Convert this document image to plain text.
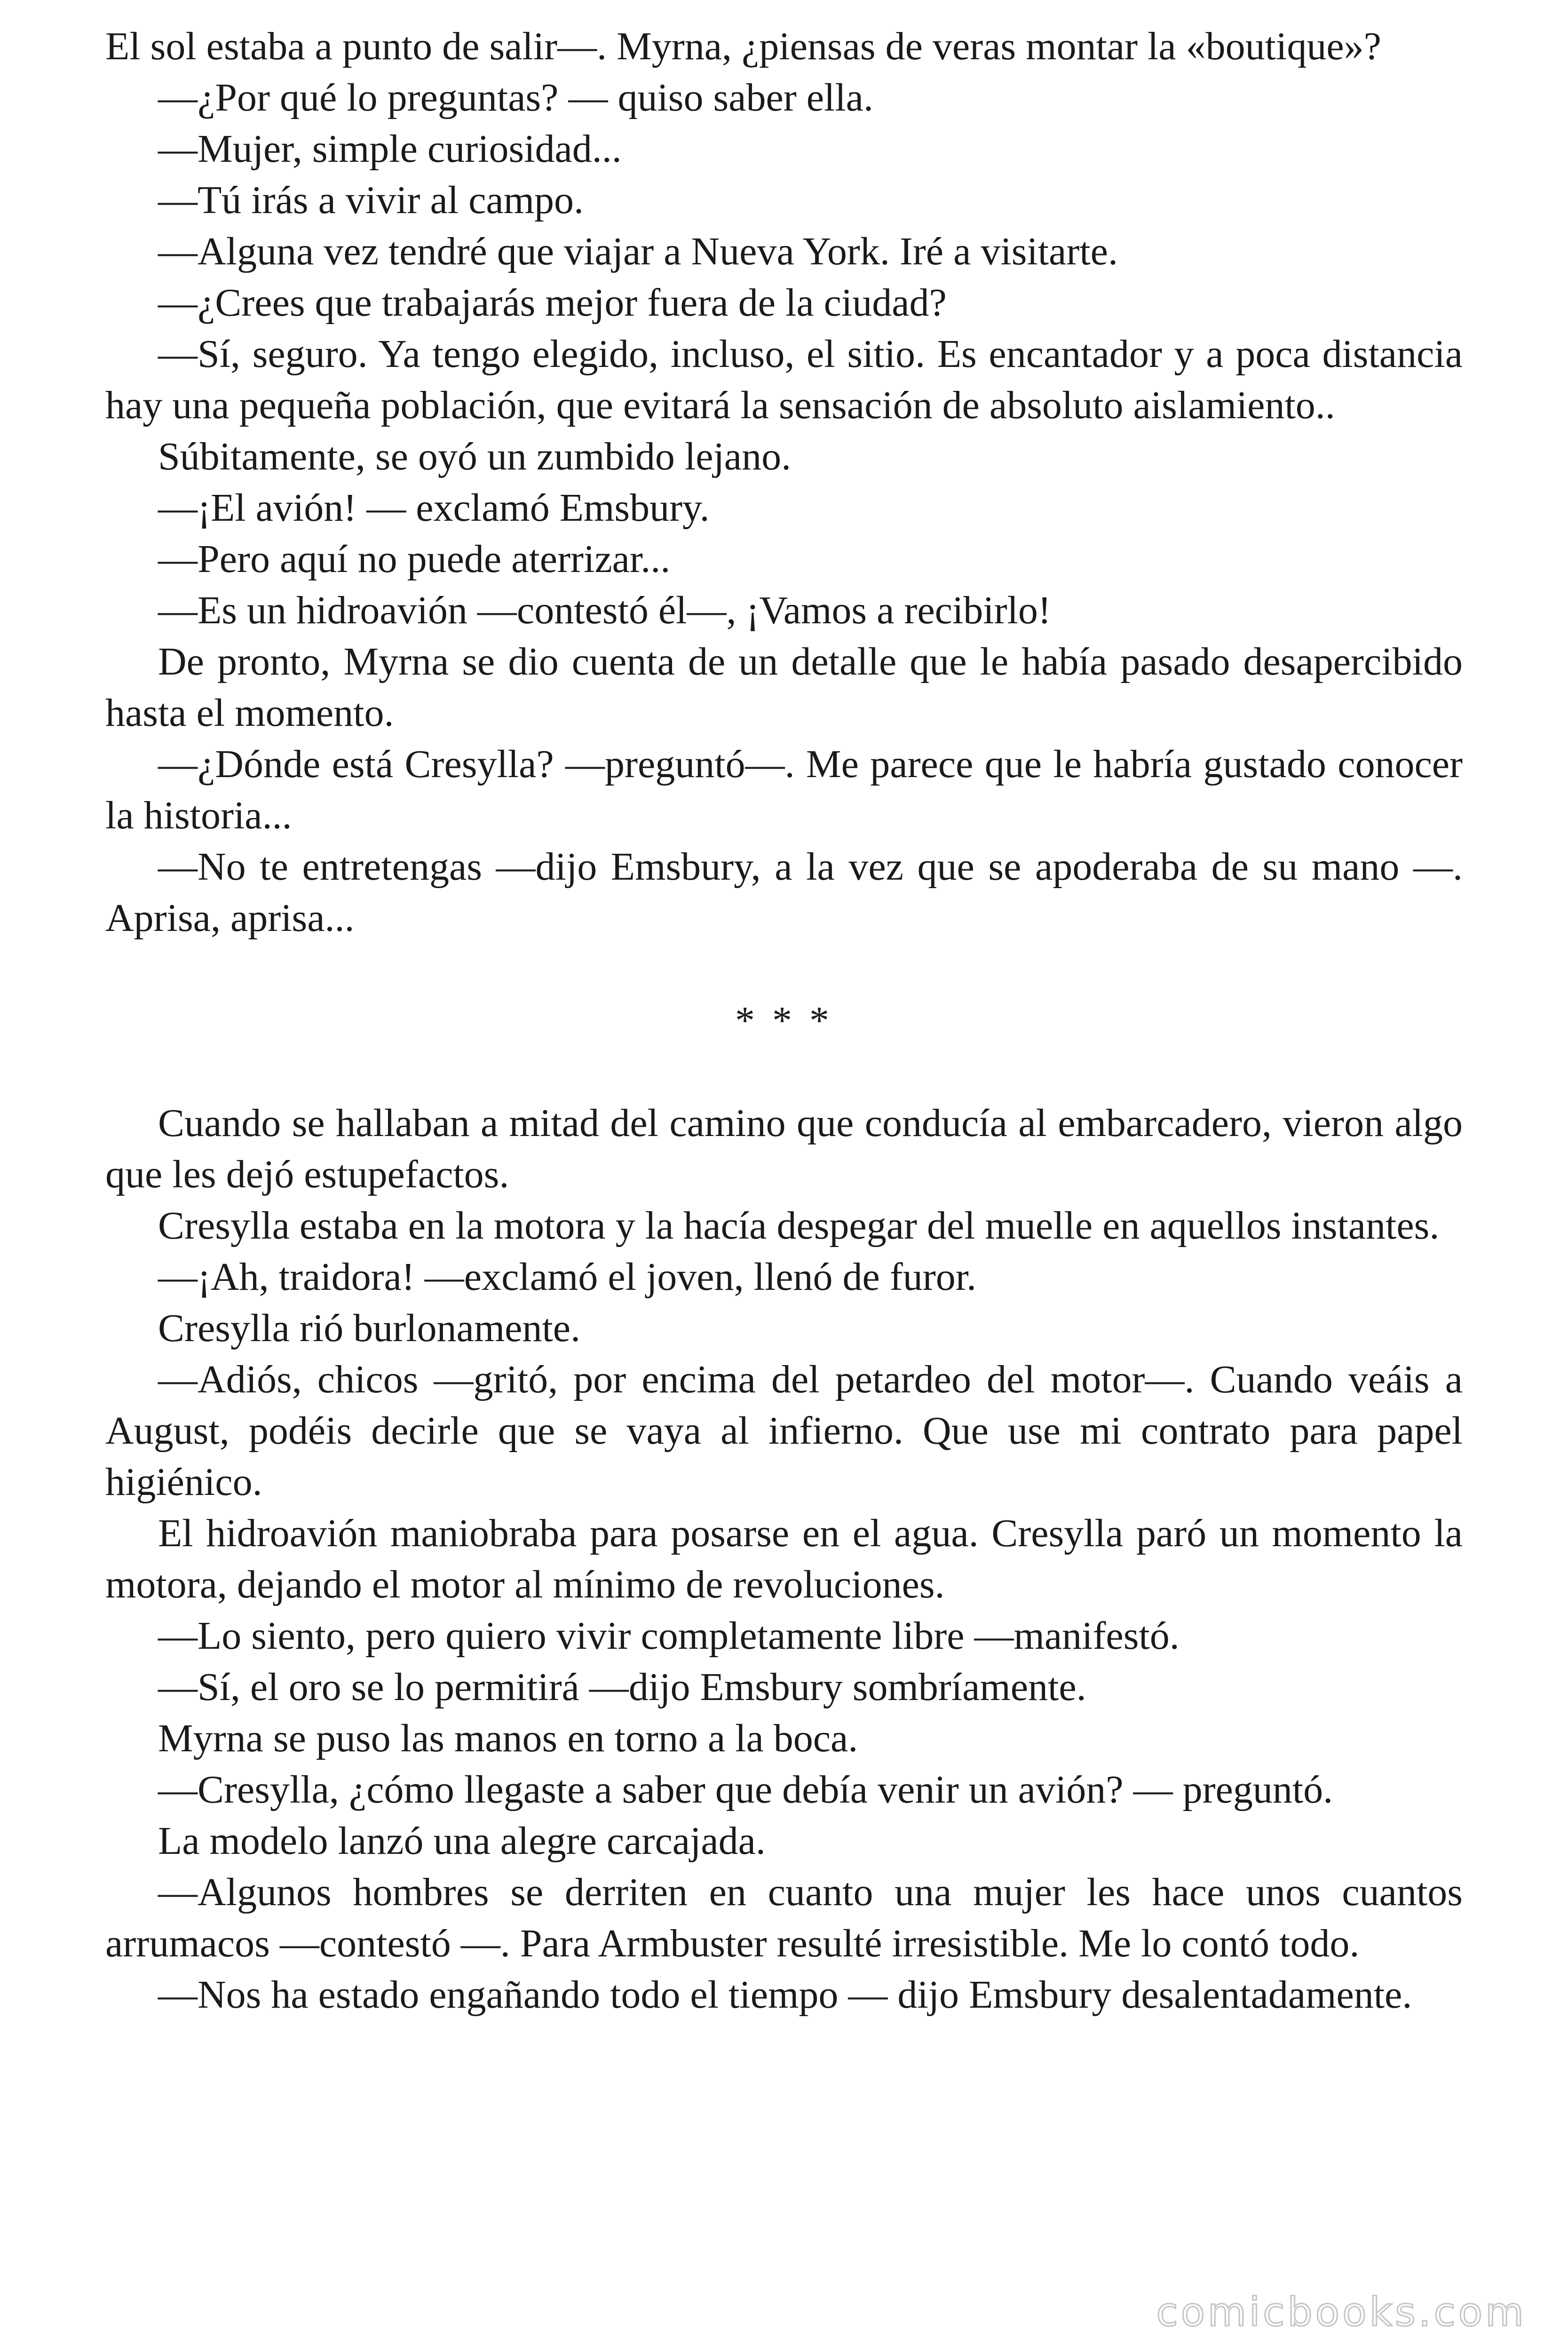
El sol estaba a punto de salir—. Myrna, ¿piensas de veras montar la «boutique»?

—¿Por qué lo preguntas? — quiso saber ella.

—Mujer, simple curiosidad...

—Tú irás a vivir al campo.

—Alguna vez tendré que viajar a Nueva York. Iré a visitarte.

—¿Crees que trabajarás mejor fuera de la ciudad?

—Sí, seguro. Ya tengo elegido, incluso, el sitio. Es encantador y a poca distancia hay una pequeña población, que evitará la sensación de absoluto aislamiento..

Súbitamente, se oyó un zumbido lejano.

—¡El avión! — exclamó Emsbury.

—Pero aquí no puede aterrizar...

—Es un hidroavión —contestó él—, ¡Vamos a recibirlo!

De pronto, Myrna se dio cuenta de un detalle que le había pasado desapercibido hasta el momento.

—¿Dónde está Cresylla? —preguntó—. Me parece que le habría gustado conocer la historia...

—No te entretengas —dijo Emsbury, a la vez que se apoderaba de su mano —. Aprisa, aprisa...

* * *

Cuando se hallaban a mitad del camino que conducía al embarcadero, vieron algo que les dejó estupefactos.

Cresylla estaba en la motora y la hacía despegar del muelle en aquellos instantes.

—¡Ah, traidora! —exclamó el joven, llenó de furor.

Cresylla rió burlonamente.

—Adiós, chicos —gritó, por encima del petardeo del motor—. Cuando veáis a August, podéis decirle que se vaya al infierno. Que use mi contrato para papel higiénico.

El hidroavión maniobraba para posarse en el agua. Cresylla paró un momento la motora, dejando el motor al mínimo de revoluciones.

—Lo siento, pero quiero vivir completamente libre —manifestó.

—Sí, el oro se lo permitirá —dijo Emsbury sombríamente.

Myrna se puso las manos en torno a la boca.

—Cresylla, ¿cómo llegaste a saber que debía venir un avión? — preguntó.

La modelo lanzó una alegre carcajada.

—Algunos hombres se derriten en cuanto una mujer les hace unos cuantos arrumacos —contestó —. Para Armbuster resulté irresistible. Me lo contó todo.

—Nos ha estado engañando todo el tiempo — dijo Emsbury desalentadamente.

comicbooks.com
